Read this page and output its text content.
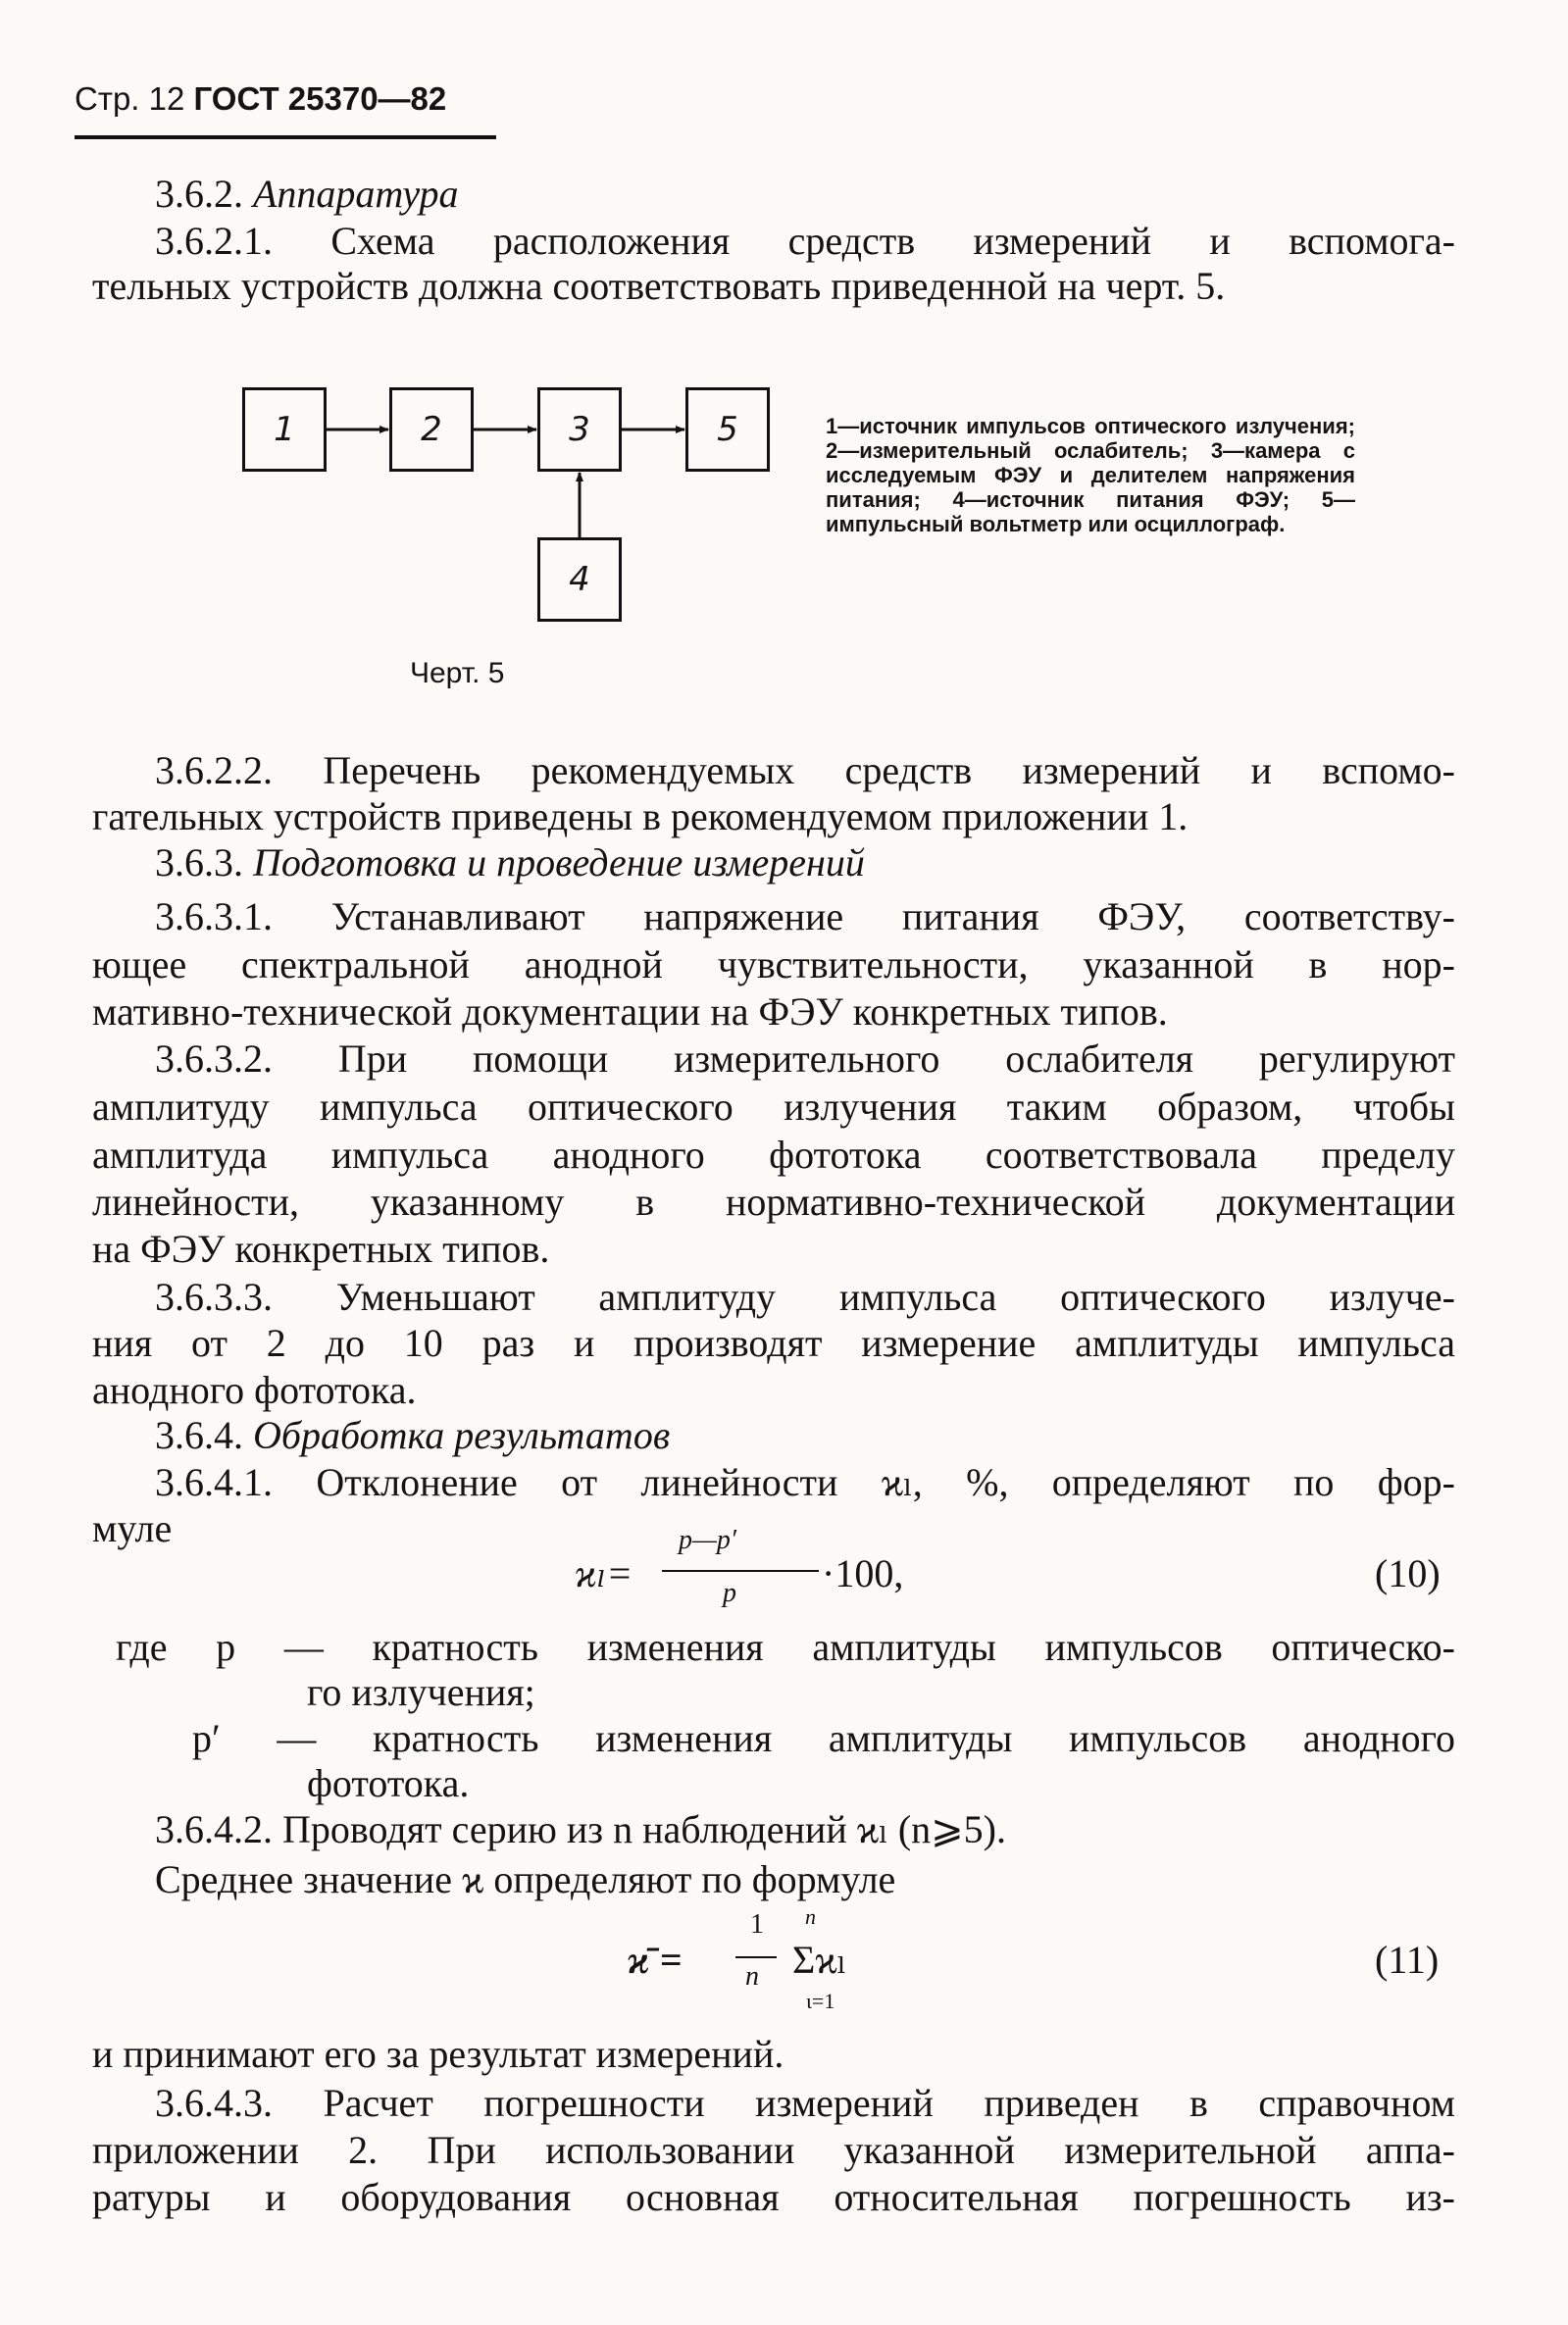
Стр. 12 ГОСТ 25370—82
3.6.2. Аппаратура
3.6.2.1. Схема расположения средств измерений и вспомога-
тельных устройств должна соответствовать приведенной на черт. 5.
1	2	3	5
4
1—источник импульсов оптического излучения; 2—измерительный ослабитель; 3—камера с исследуемым ФЭУ и делителем напряжения питания; 4—источник питания ФЭУ; 5—импульсный вольтметр или осциллограф.
Черт. 5
3.6.2.2. Перечень рекомендуемых средств измерений и вспомо-
гательных устройств приведены в рекомендуемом приложении 1.
3.6.3. Подготовка и проведение измерений
3.6.3.1. Устанавливают напряжение питания ФЭУ, соответству-
ющее спектральной анодной чувствительности, указанной в нор-
мативно-технической документации на ФЭУ конкретных типов.
3.6.3.2. При помощи измерительного ослабителя регулируют
амплитуду импульса оптического излучения таким образом, чтобы
амплитуда импульса анодного фототока соответствовала пределу
линейности, указанному в нормативно-технической документации
на ФЭУ конкретных типов.
3.6.3.3. Уменьшают амплитуду импульса оптического излуче-
ния от 2 до 10 раз и производят измерение амплитуды импульса
анодного фототока.
3.6.4. Обработка результатов
3.6.4.1. Отклонение от линейности ϰₗ, %, определяют по фор-
муле
ϰₗ=
p—p′
p ·100,	(10)
где p — кратность изменения амплитуды импульсов оптическо-
го излучения;
p′ — кратность изменения амплитуды импульсов анодного
фототока.
3.6.4.2. Проводят серию из n наблюдений ϰₗ (n⩾5).
Среднее значение ϰ определяют по формуле
ϰ̄ =
1
n
n
Σϰₗ
ι=1
(11)
и принимают его за результат измерений.
3.6.4.3. Расчет погрешности измерений приведен в справочном
приложении 2. При использовании указанной измерительной аппа-
ратуры и оборудования основная относительная погрешность из-
